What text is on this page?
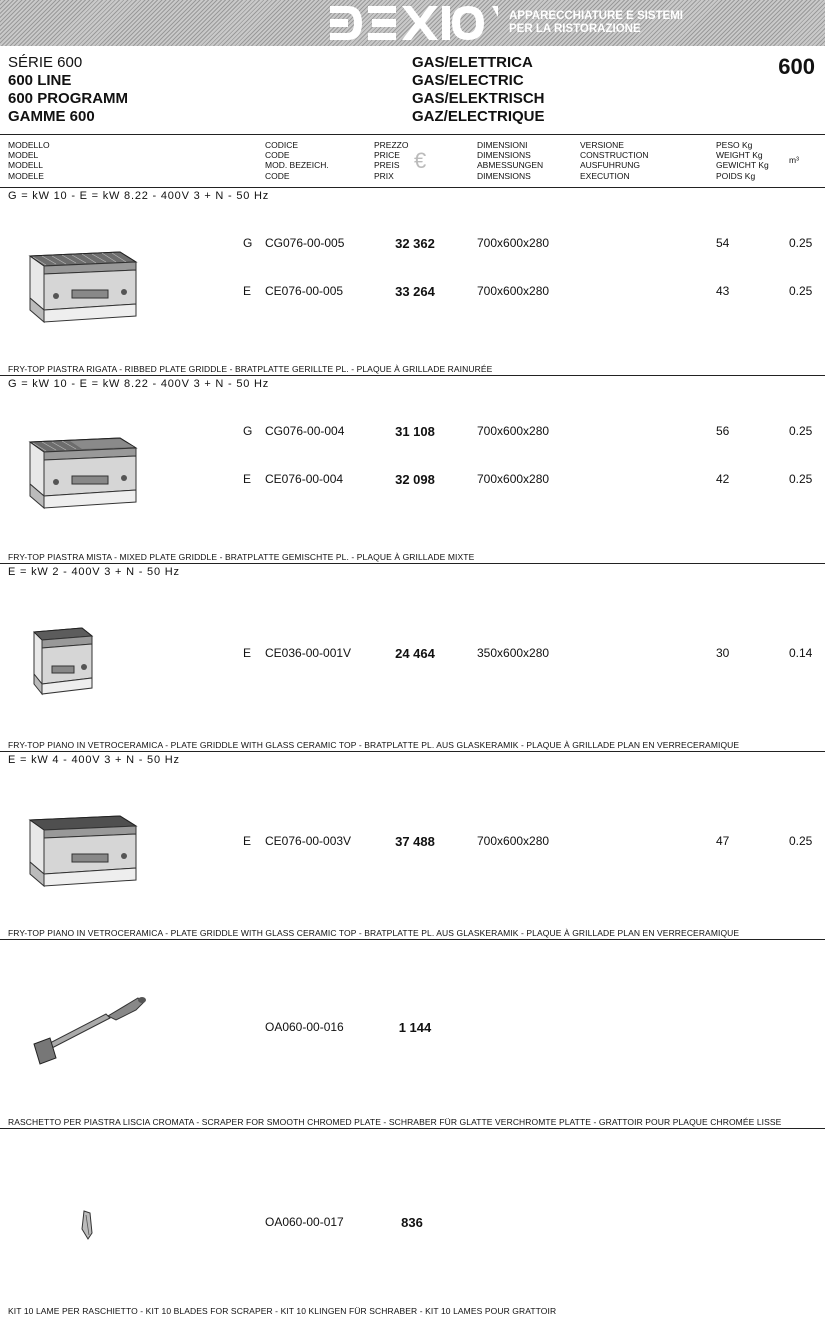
APPARECCHIATURE E SISTEMI
PER LA RISTORAZIONE
SÉRIE 600
600 LINE
600 PROGRAMM
GAMME 600
GAS/ELETTRICA
GAS/ELECTRIC
GAS/ELEKTRISCH
GAZ/ELECTRIQUE
600
MODELLO
MODEL
MODELL
MODELE
CODICE
CODE
MOD. BEZEICH.
CODE
PREZZO
PRICE
PREIS
PRIX
€
DIMENSIONI
DIMENSIONS
ABMESSUNGEN
DIMENSIONS
VERSIONE
CONSTRUCTION
AUSFUHRUNG
EXECUTION
PESO Kg
WEIGHT Kg
GEWICHT Kg
POIDS Kg
m³
G = kW 10 - E = kW 8.22 - 400V 3 + N - 50 Hz
G CG076-00-005	32 362	700x600x280	54	0.25
E CE076-00-005	33 264	700x600x280	43	0.25
FRY-TOP PIASTRA RIGATA - RIBBED PLATE GRIDDLE - BRATPLATTE GERILLTE PL. - PLAQUE À GRILLADE RAINURÉE
G = kW 10 - E = kW 8.22 - 400V 3 + N - 50 Hz
G CG076-00-004	31 108	700x600x280	56	0.25
E CE076-00-004	32 098	700x600x280	42	0.25
FRY-TOP PIASTRA MISTA - MIXED PLATE GRIDDLE - BRATPLATTE GEMISCHTE PL. - PLAQUE À GRILLADE MIXTE
E = kW 2 - 400V 3 + N - 50 Hz
E CE036-00-001V	24 464	350x600x280	30	0.14
FRY-TOP PIANO IN VETROCERAMICA - PLATE GRIDDLE WITH GLASS CERAMIC TOP - BRATPLATTE PL. AUS GLASKERAMIK - PLAQUE À GRILLADE PLAN EN VERRECERAMIQUE
E = kW 4 - 400V 3 + N - 50 Hz
E CE076-00-003V	37 488	700x600x280	47	0.25
FRY-TOP PIANO IN VETROCERAMICA - PLATE GRIDDLE WITH GLASS CERAMIC TOP - BRATPLATTE PL. AUS GLASKERAMIK - PLAQUE À GRILLADE PLAN EN VERRECERAMIQUE
OA060-00-016	1 144
RASCHETTO PER PIASTRA LISCIA CROMATA - SCRAPER FOR SMOOTH CHROMED PLATE - SCHRABER FÜR GLATTE VERCHROMTE PLATTE - GRATTOIR POUR PLAQUE CHROMÉE LISSE
OA060-00-017	836
KIT 10 LAME PER RASCHIETTO - KIT 10 BLADES FOR SCRAPER - KIT 10 KLINGEN FÜR SCHRABER - KIT 10 LAMES POUR GRATTOIR
